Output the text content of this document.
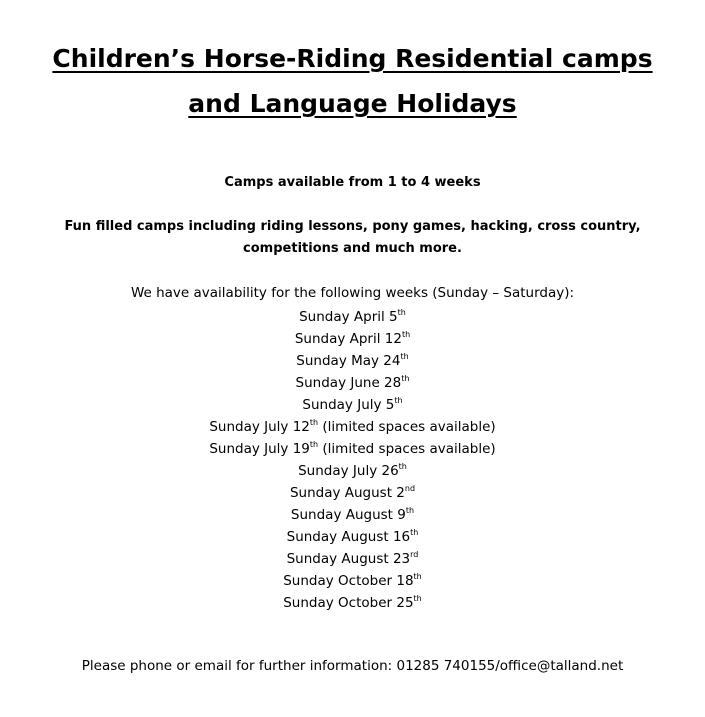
Children’s Horse-Riding Residential camps
and Language Holidays
Camps available from 1 to 4 weeks
Fun filled camps including riding lessons, pony games, hacking, cross country,
competitions and much more.
We have availability for the following weeks (Sunday – Saturday):
Sunday April 5th
Sunday April 12th
Sunday May 24th
Sunday June 28th
Sunday July 5th
Sunday July 12th (limited spaces available)
Sunday July 19th (limited spaces available)
Sunday July 26th
Sunday August 2nd
Sunday August 9th
Sunday August 16th
Sunday August 23rd
Sunday October 18th
Sunday October 25th
Please phone or email for further information: 01285 740155/office@talland.net
